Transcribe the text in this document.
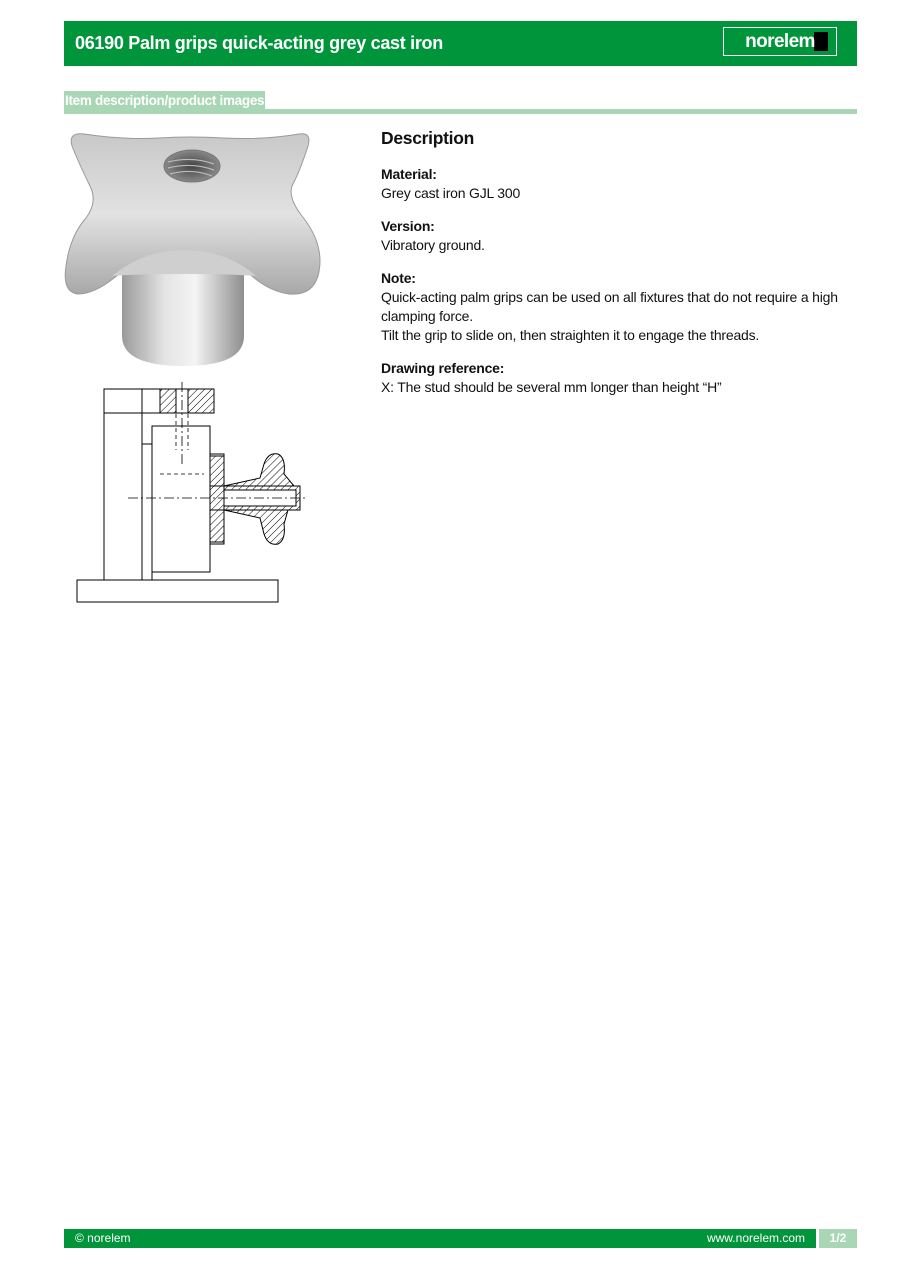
06190 Palm grips quick-acting grey cast iron	norelem
Item description/product images
Description
Material:
Grey cast iron GJL 300
Version:
Vibratory ground.
Note:
Quick-acting palm grips can be used on all fixtures that do not require a high clamping force.
Tilt the grip to slide on, then straighten it to engage the threads.
Drawing reference:
X: The stud should be several mm longer than height “H”
© norelem	www.norelem.com	1/2
